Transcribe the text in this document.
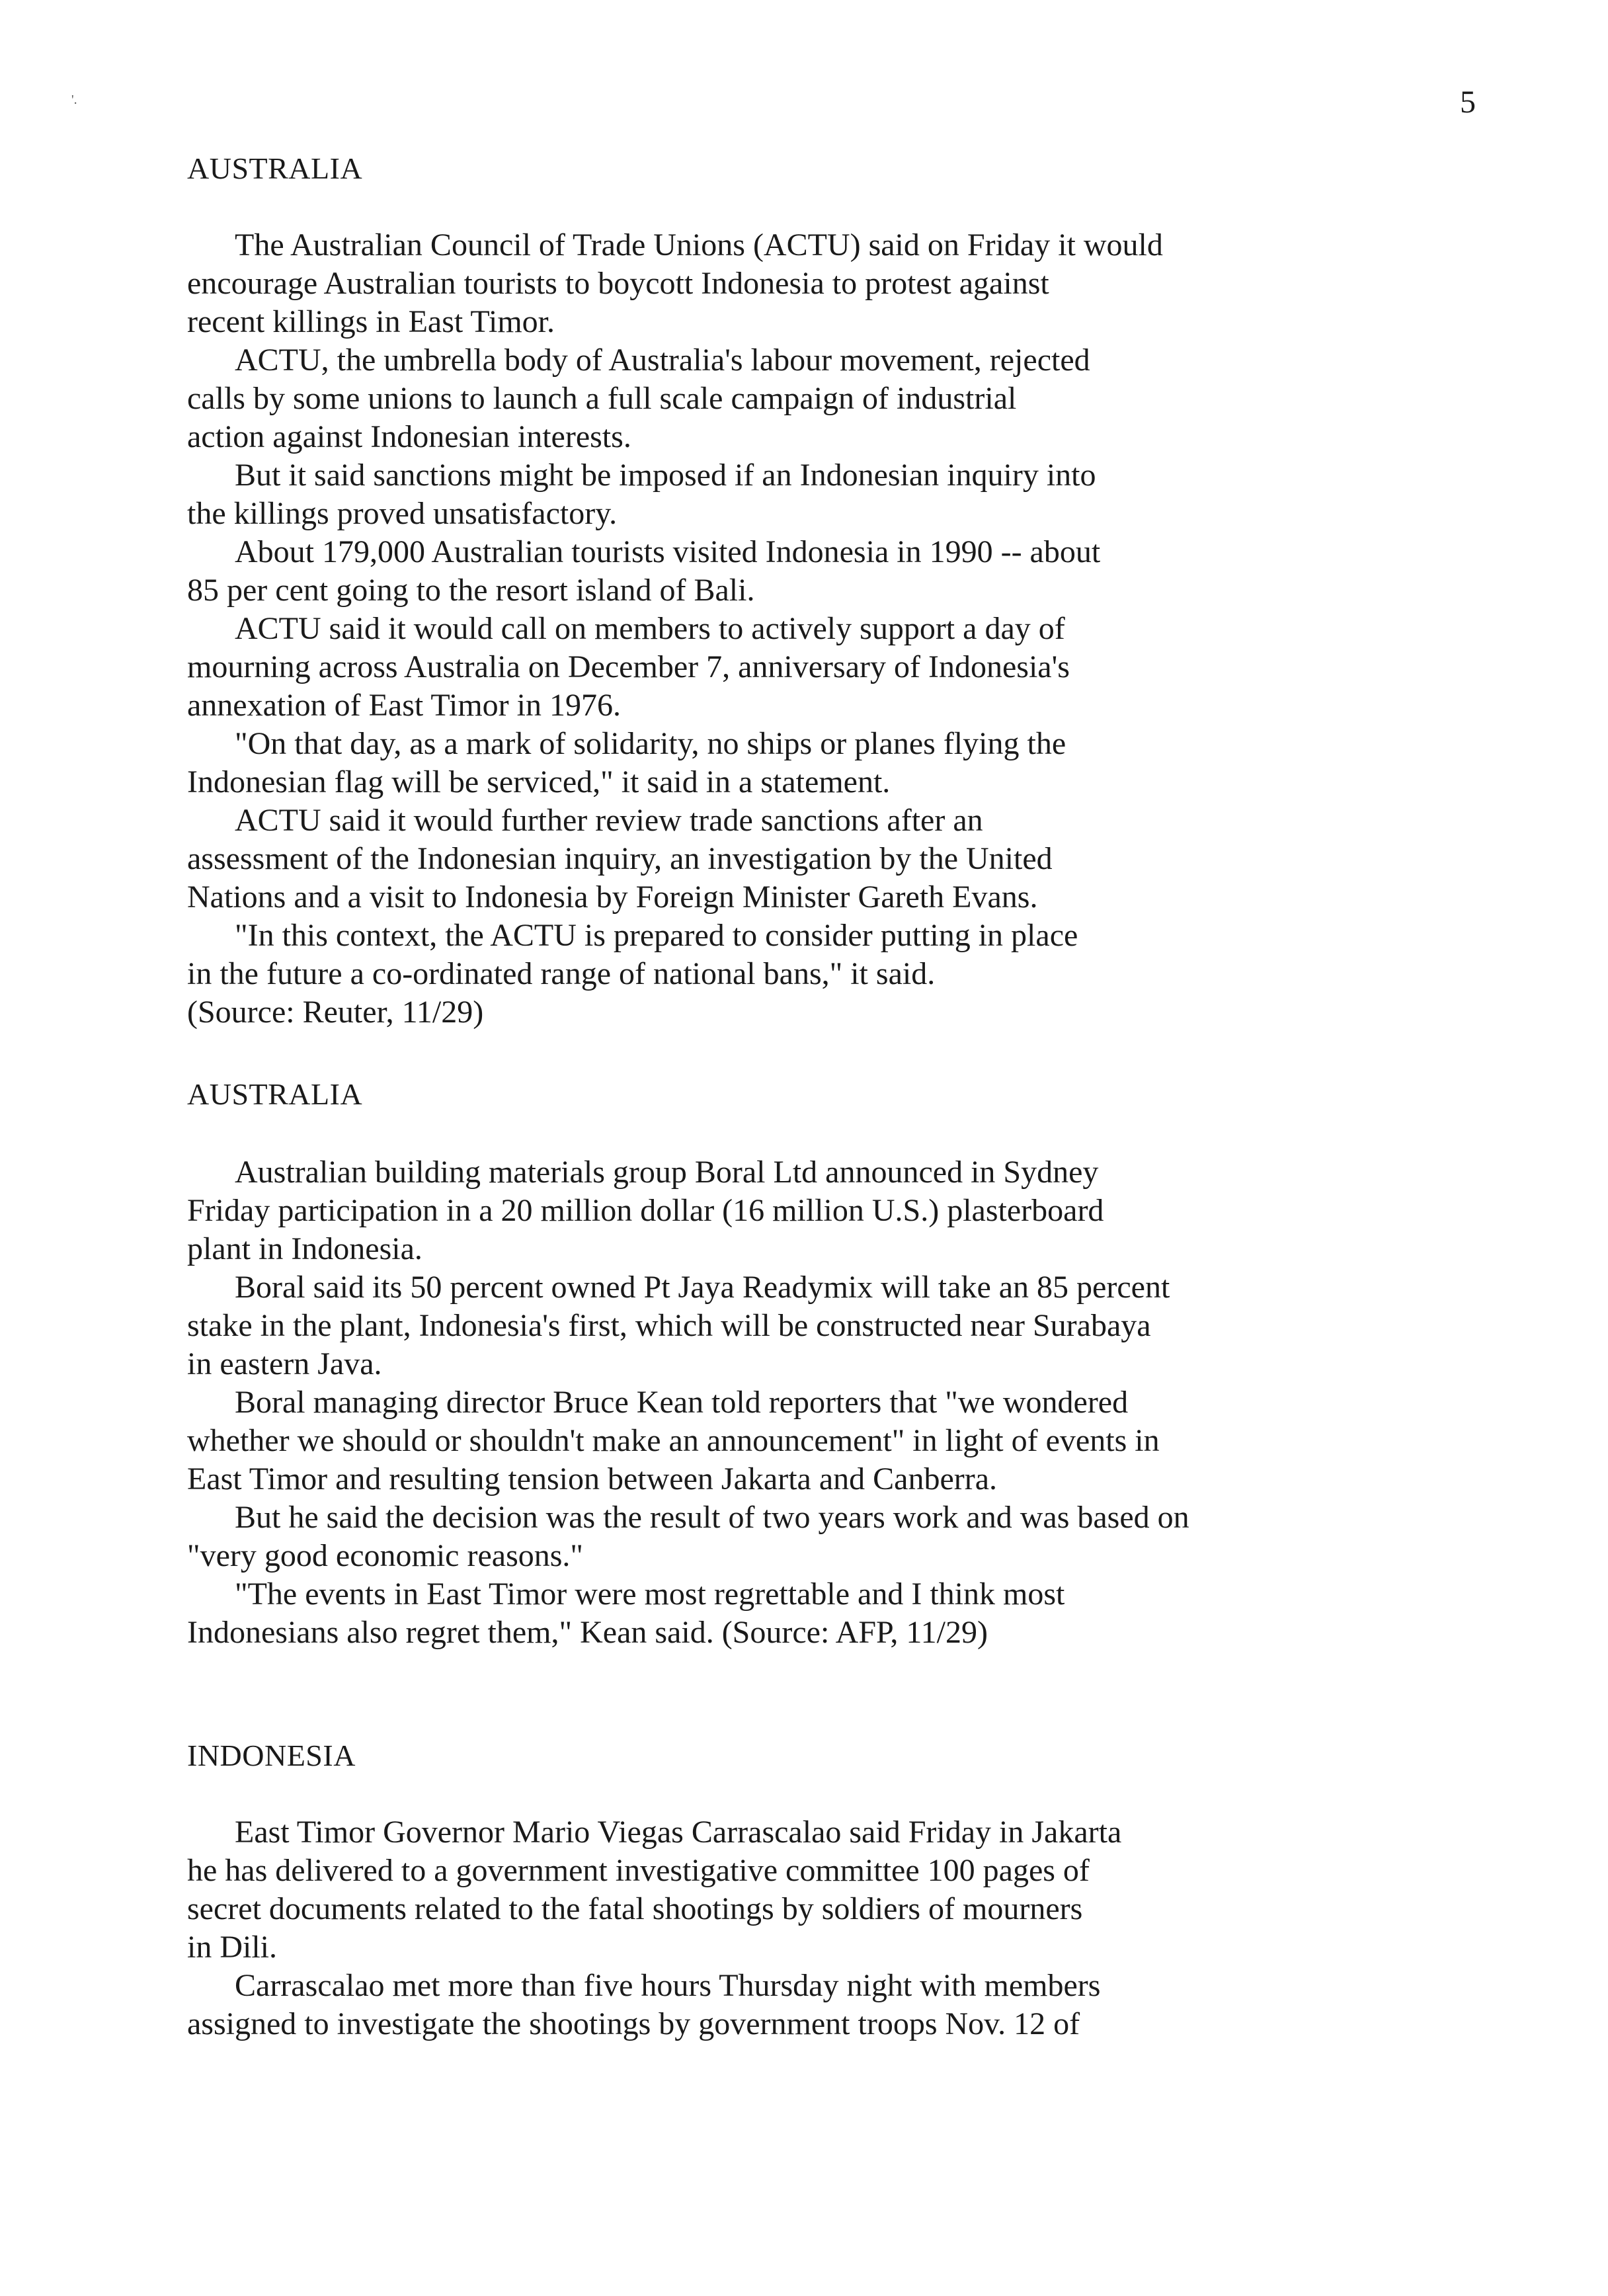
'.	5
AUSTRALIA

The Australian Council of Trade Unions (ACTU) said on Friday it would
encourage Australian tourists to boycott Indonesia to protest against
recent killings in East Timor.

ACTU, the umbrella body of Australia's labour movement, rejected
calls by some unions to launch a full scale campaign of industrial
action against Indonesian interests.

But it said sanctions might be imposed if an Indonesian inquiry into
the killings proved unsatisfactory.

About 179,000 Australian tourists visited Indonesia in 1990 -- about
85 per cent going to the resort island of Bali.

ACTU said it would call on members to actively support a day of
mourning across Australia on December 7, anniversary of Indonesia's
annexation of East Timor in 1976.

"On that day, as a mark of solidarity, no ships or planes flying the
Indonesian flag will be serviced," it said in a statement.

ACTU said it would further review trade sanctions after an
assessment of the Indonesian inquiry, an investigation by the United
Nations and a visit to Indonesia by Foreign Minister Gareth Evans.

"In this context, the ACTU is prepared to consider putting in place
in the future a co-ordinated range of national bans," it said.

(Source: Reuter, 11/29)

AUSTRALIA

Australian building materials group Boral Ltd announced in Sydney
Friday participation in a 20 million dollar (16 million U.S.) plasterboard
plant in Indonesia.

Boral said its 50 percent owned Pt Jaya Readymix will take an 85 percent
stake in the plant, Indonesia's first, which will be constructed near Surabaya
in eastern Java.

Boral managing director Bruce Kean told reporters that "we wondered
whether we should or shouldn't make an announcement" in light of events in
East Timor and resulting tension between Jakarta and Canberra.

But he said the decision was the result of two years work and was based on
"very good economic reasons."

"The events in East Timor were most regrettable and I think most
Indonesians also regret them," Kean said. (Source: AFP, 11/29)

INDONESIA

East Timor Governor Mario Viegas Carrascalao said Friday in Jakarta
he has delivered to a government investigative committee 100 pages of
secret documents related to the fatal shootings by soldiers of mourners
in Dili.

Carrascalao met more than five hours Thursday night with members
assigned to investigate the shootings by government troops Nov. 12 of
